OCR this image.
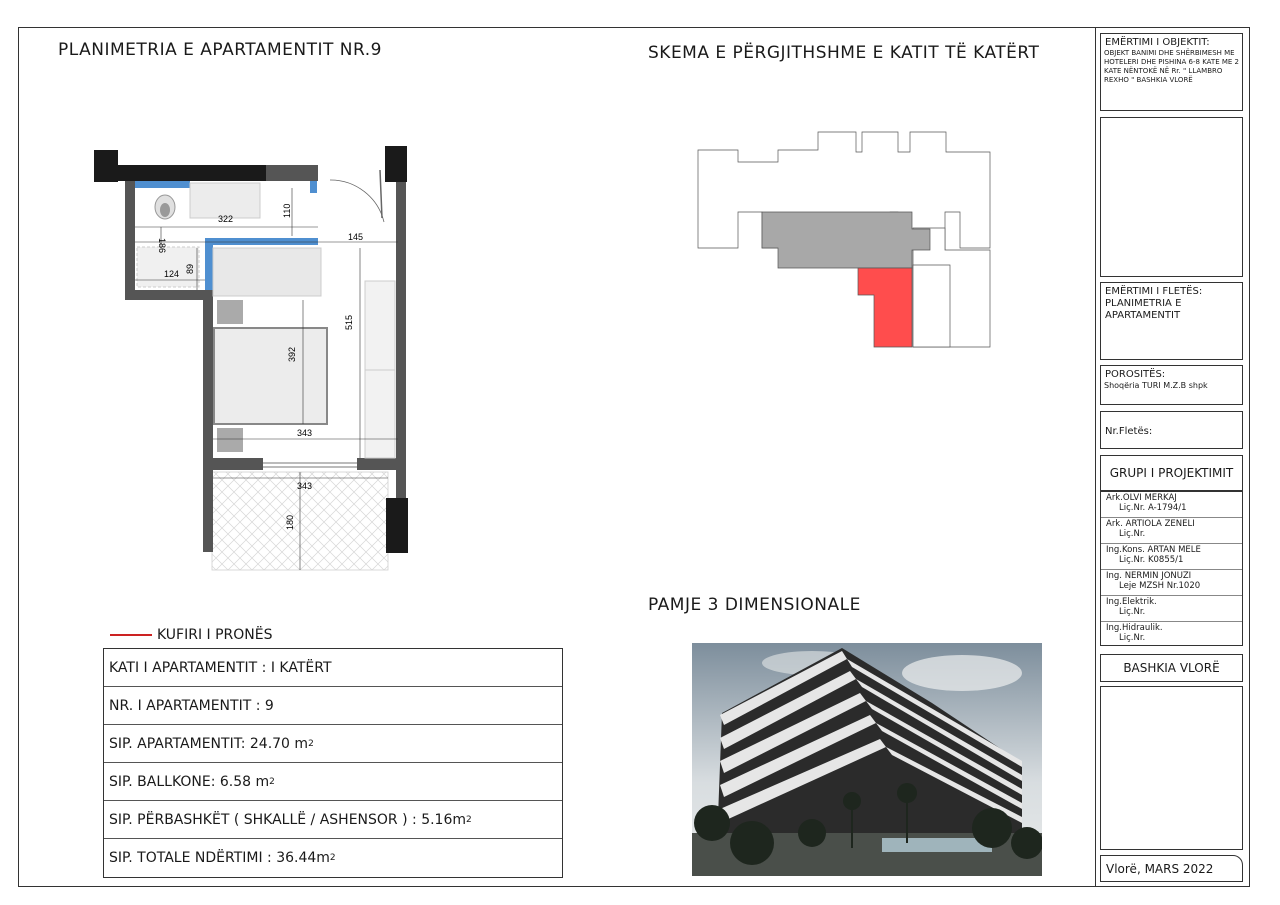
PLANIMETRIA E APARTAMENTIT NR.9	SKEMA E PËRGJITHSHME E KATIT TË KATËRT
PAMJE 3 DIMENSIONALE
322
110
186
145
89
124
515
392
343
343
180
KUFIRI I PRONËS
KATI I APARTAMENTIT : I KATËRT
NR. I APARTAMENTIT : 9
SIP. APARTAMENTIT: 24.70 m 2
SIP. BALLKONE: 6.58 m 2
SIP. PËRBASHKËT ( SHKALLË / ASHENSOR ) : 5.16m 2
SIP. TOTALE NDËRTIMI : 36.44m 2
EMËRTIMI I OBJEKTIT:
OBJEKT BANIMI DHE SHËRBIMESH ME HOTELERI DHE PISHINA 6-8 KATE ME 2 KATE NËNTOKË NË Rr. " LLAMBRO REXHO " BASHKIA VLORË
EMËRTIMI I FLETËS:
PLANIMETRIA E APARTAMENTIT
POROSITËS:
Shoqëria TURI M.Z.B shpk
Nr.Fletës:
GRUPI I PROJEKTIMIT
Ark.OLVI MERKAJ
Liç.Nr. A-1794/1
Ark. ARTIOLA ZENELI
Liç.Nr.
Ing.Kons. ARTAN MELE
Liç.Nr. K0855/1
Ing. NERMIN JONUZI
Leje MZSH Nr.1020
Ing.Elektrik.
Liç.Nr.
Ing.Hidraulik.
Liç.Nr.
BASHKIA VLORË
Vlorë, MARS 2022
